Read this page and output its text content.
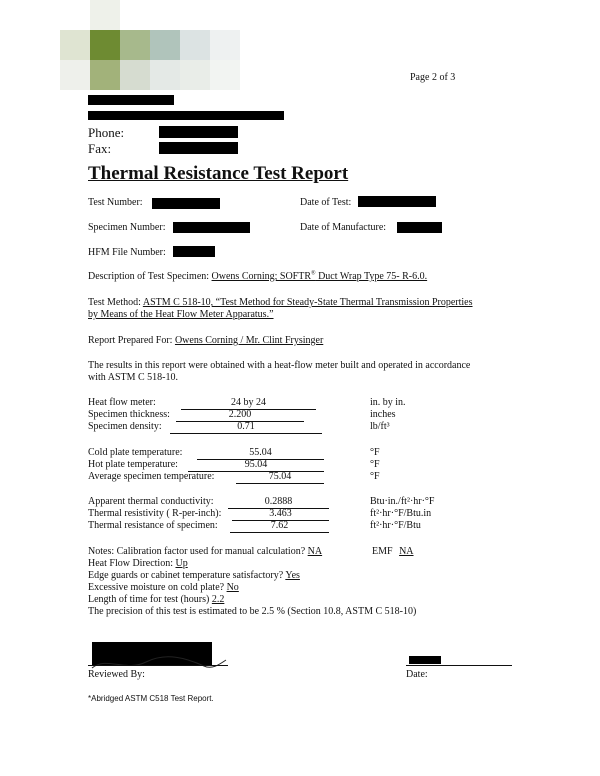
Page 2 of 3
Phone:
Fax:
Thermal Resistance Test Report
Test Number:	Date of Test:
Specimen Number:	Date of Manufacture:
HFM File Number:
Description of Test Specimen: Owens Corning; SOFTR® Duct Wrap Type 75- R-6.0.
Test Method: ASTM C 518-10, “Test Method for Steady-State Thermal Transmission Properties
by Means of the Heat Flow Meter Apparatus.”
Report Prepared For: Owens Corning / Mr. Clint Frysinger
The results in this report were obtained with a heat-flow meter built and operated in accordance
with ASTM C 518-10.
Heat flow meter:	24 by 24	in. by in.
Specimen thickness:	2.200	inches
Specimen density:	0.71	lb/ft³
Cold plate temperature:	55.04	°F
Hot plate temperature:	95.04	°F
Average specimen temperature:	75.04	°F
Apparent thermal conductivity:	0.2888	Btu·in./ft²·hr·°F
Thermal resistivity ( R-per-inch):	3.463	ft²·hr·°F/Btu.in
Thermal resistance of specimen:	7.62	ft²·hr·°F/Btu
Notes: Calibration factor used for manual calculation? NA	EMF NA
Heat Flow Direction: Up
Edge guards or cabinet temperature satisfactory? Yes
Excessive moisture on cold plate? No
Length of time for test (hours) 2.2
The precision of this test is estimated to be 2.5 % (Section 10.8, ASTM C 518-10)
Reviewed By:	Date:
*Abridged ASTM C518 Test Report.
